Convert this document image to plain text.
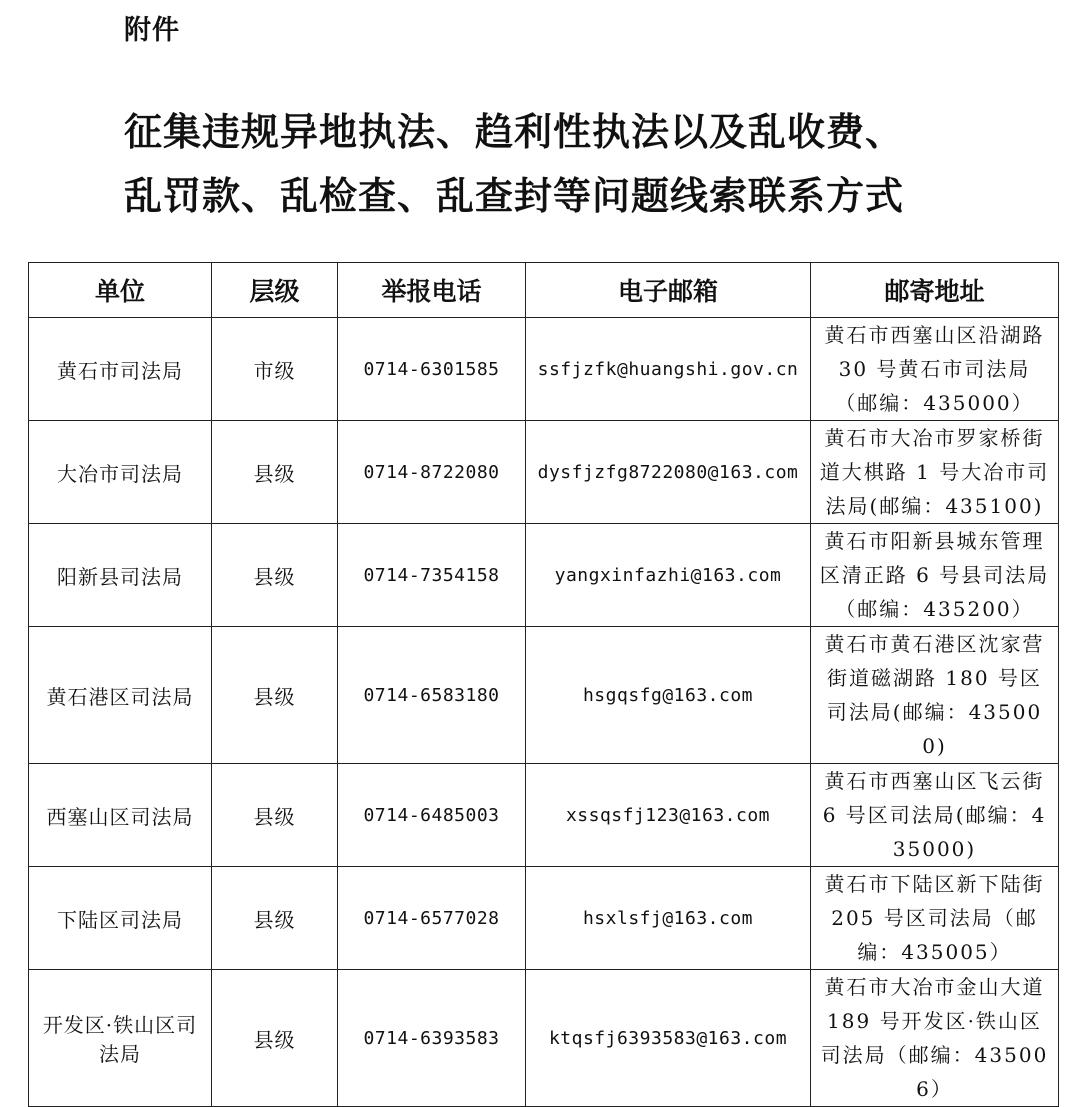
附件
征集违规异地执法、趋利性执法以及乱收费、
乱罚款、乱检查、乱查封等问题线索联系方式
单位	层级	举报电话	电子邮箱	邮寄地址
黄石市司法局	市级	0714-6301585	ssfjzfk@huangshi.gov.cn	黄石市西塞山区沿湖路 30 号黄石市司法局（邮编：435000）
大冶市司法局	县级	0714-8722080	dysfjzfg8722080@163.com	黄石市大冶市罗家桥街道大棋路 1 号大冶市司法局(邮编：435100)
阳新县司法局	县级	0714-7354158	yangxinfazhi@163.com	黄石市阳新县城东管理区清正路 6 号县司法局（邮编：435200）
黄石港区司法局	县级	0714-6583180	hsgqsfg@163.com	黄石市黄石港区沈家营街道磁湖路 180 号区司法局(邮编：435000)
西塞山区司法局	县级	0714-6485003	xssqsfj123@163.com	黄石市西塞山区飞云街 6 号区司法局(邮编：435000)
下陆区司法局	县级	0714-6577028	hsxlsfj@163.com	黄石市下陆区新下陆街 205 号区司法局（邮编：435005）
开发区·铁山区司法局	县级	0714-6393583	ktqsfj6393583@163.com	黄石市大冶市金山大道 189 号开发区·铁山区司法局（邮编：435006）
